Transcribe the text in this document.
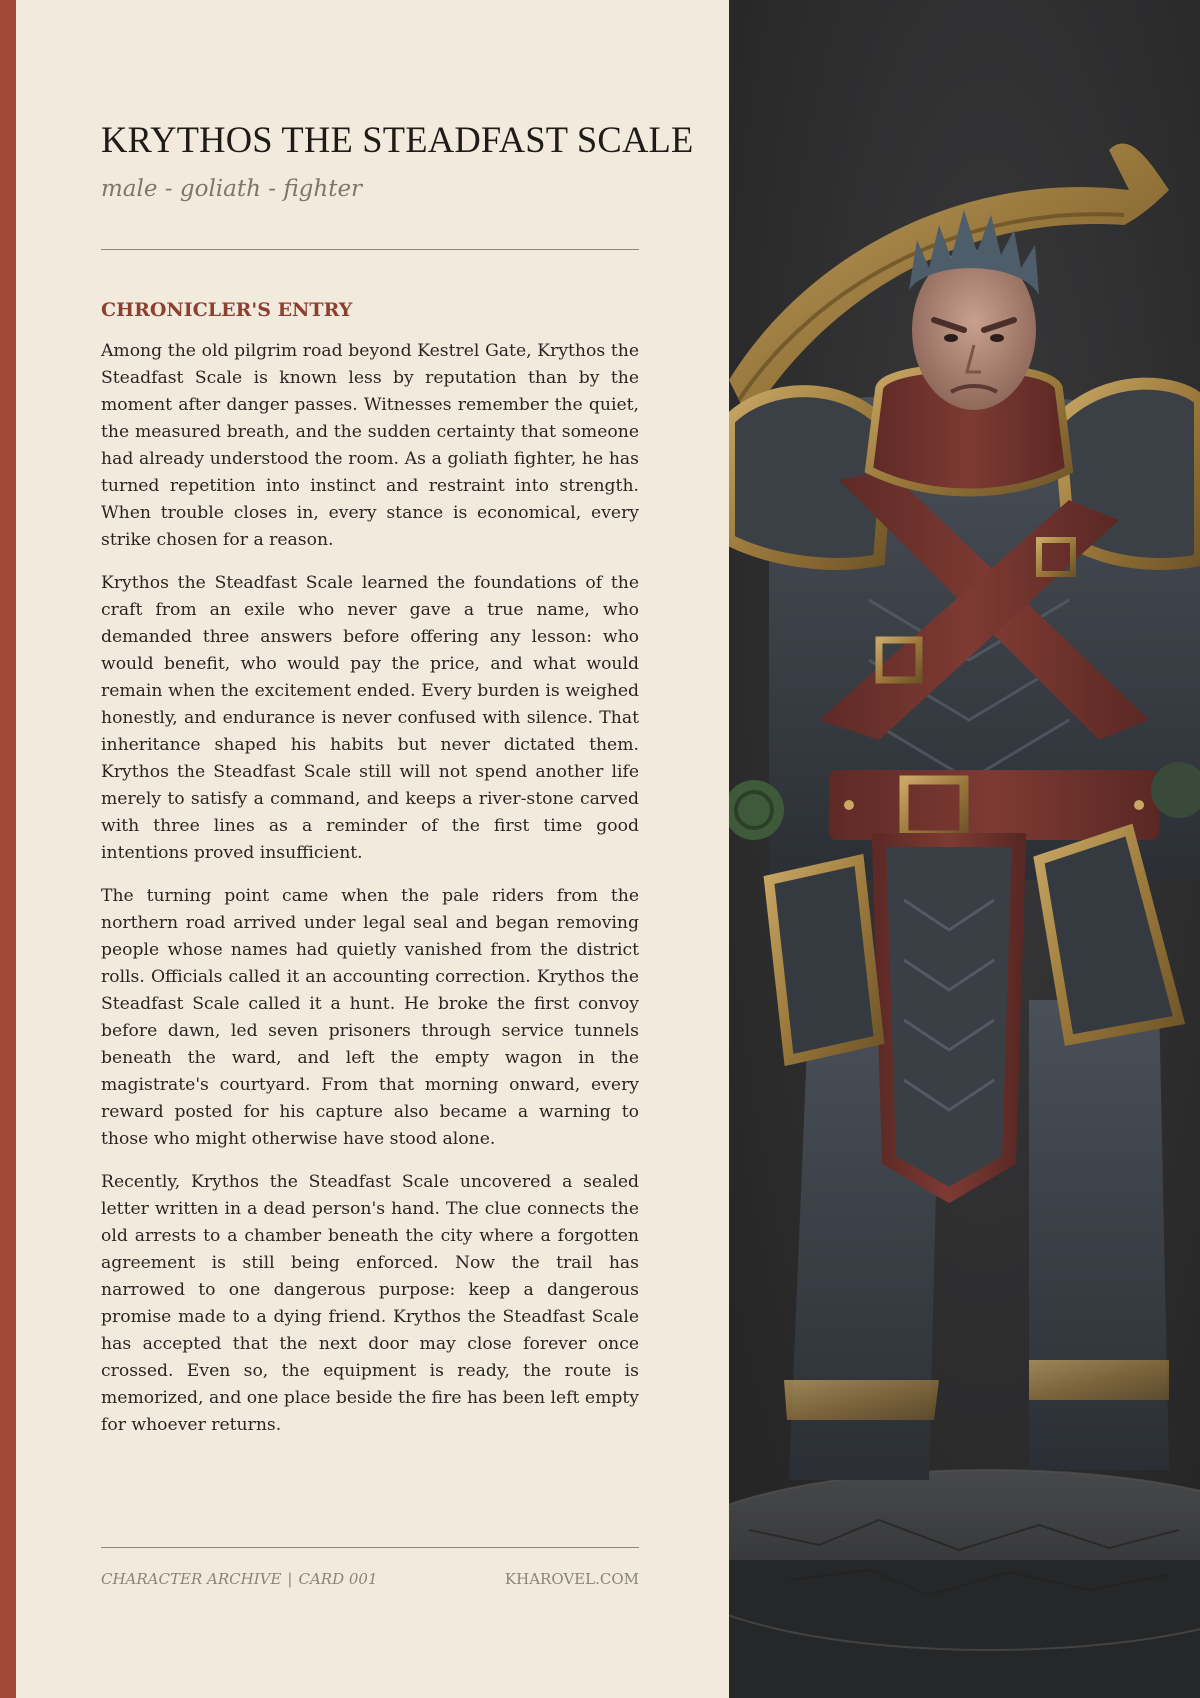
KRYTHOS THE STEADFAST SCALE
male - goliath - fighter
CHRONICLER'S ENTRY

Among the old pilgrim road beyond Kestrel Gate, Krythos the Steadfast Scale is known less by reputation than by the moment after danger passes. Witnesses remember the quiet, the measured breath, and the sudden certainty that someone had already understood the room. As a goliath fighter, he has turned repetition into instinct and restraint into strength. When trouble closes in, every stance is economical, every strike chosen for a reason.

Krythos the Steadfast Scale learned the foundations of the craft from an exile who never gave a true name, who demanded three answers before offering any lesson: who would benefit, who would pay the price, and what would remain when the excitement ended. Every burden is weighed honestly, and endurance is never confused with silence. That inheritance shaped his habits but never dictated them. Krythos the Steadfast Scale still will not spend another life merely to satisfy a command, and keeps a river-stone carved with three lines as a reminder of the first time good intentions proved insufficient.

The turning point came when the pale riders from the northern road arrived under legal seal and began removing people whose names had quietly vanished from the district rolls. Officials called it an accounting correction. Krythos the Steadfast Scale called it a hunt. He broke the first convoy before dawn, led seven prisoners through service tunnels beneath the ward, and left the empty wagon in the magistrate's courtyard. From that morning onward, every reward posted for his capture also became a warning to those who might otherwise have stood alone.

Recently, Krythos the Steadfast Scale uncovered a sealed letter written in a dead person's hand. The clue connects the old arrests to a chamber beneath the city where a forgotten agreement is still being enforced. Now the trail has narrowed to one dangerous purpose: keep a dangerous promise made to a dying friend. Krythos the Steadfast Scale has accepted that the next door may close forever once crossed. Even so, the equipment is ready, the route is memorized, and one place beside the fire has been left empty for whoever returns.

CHARACTER ARCHIVE | CARD 001	KHAROVEL.COM
